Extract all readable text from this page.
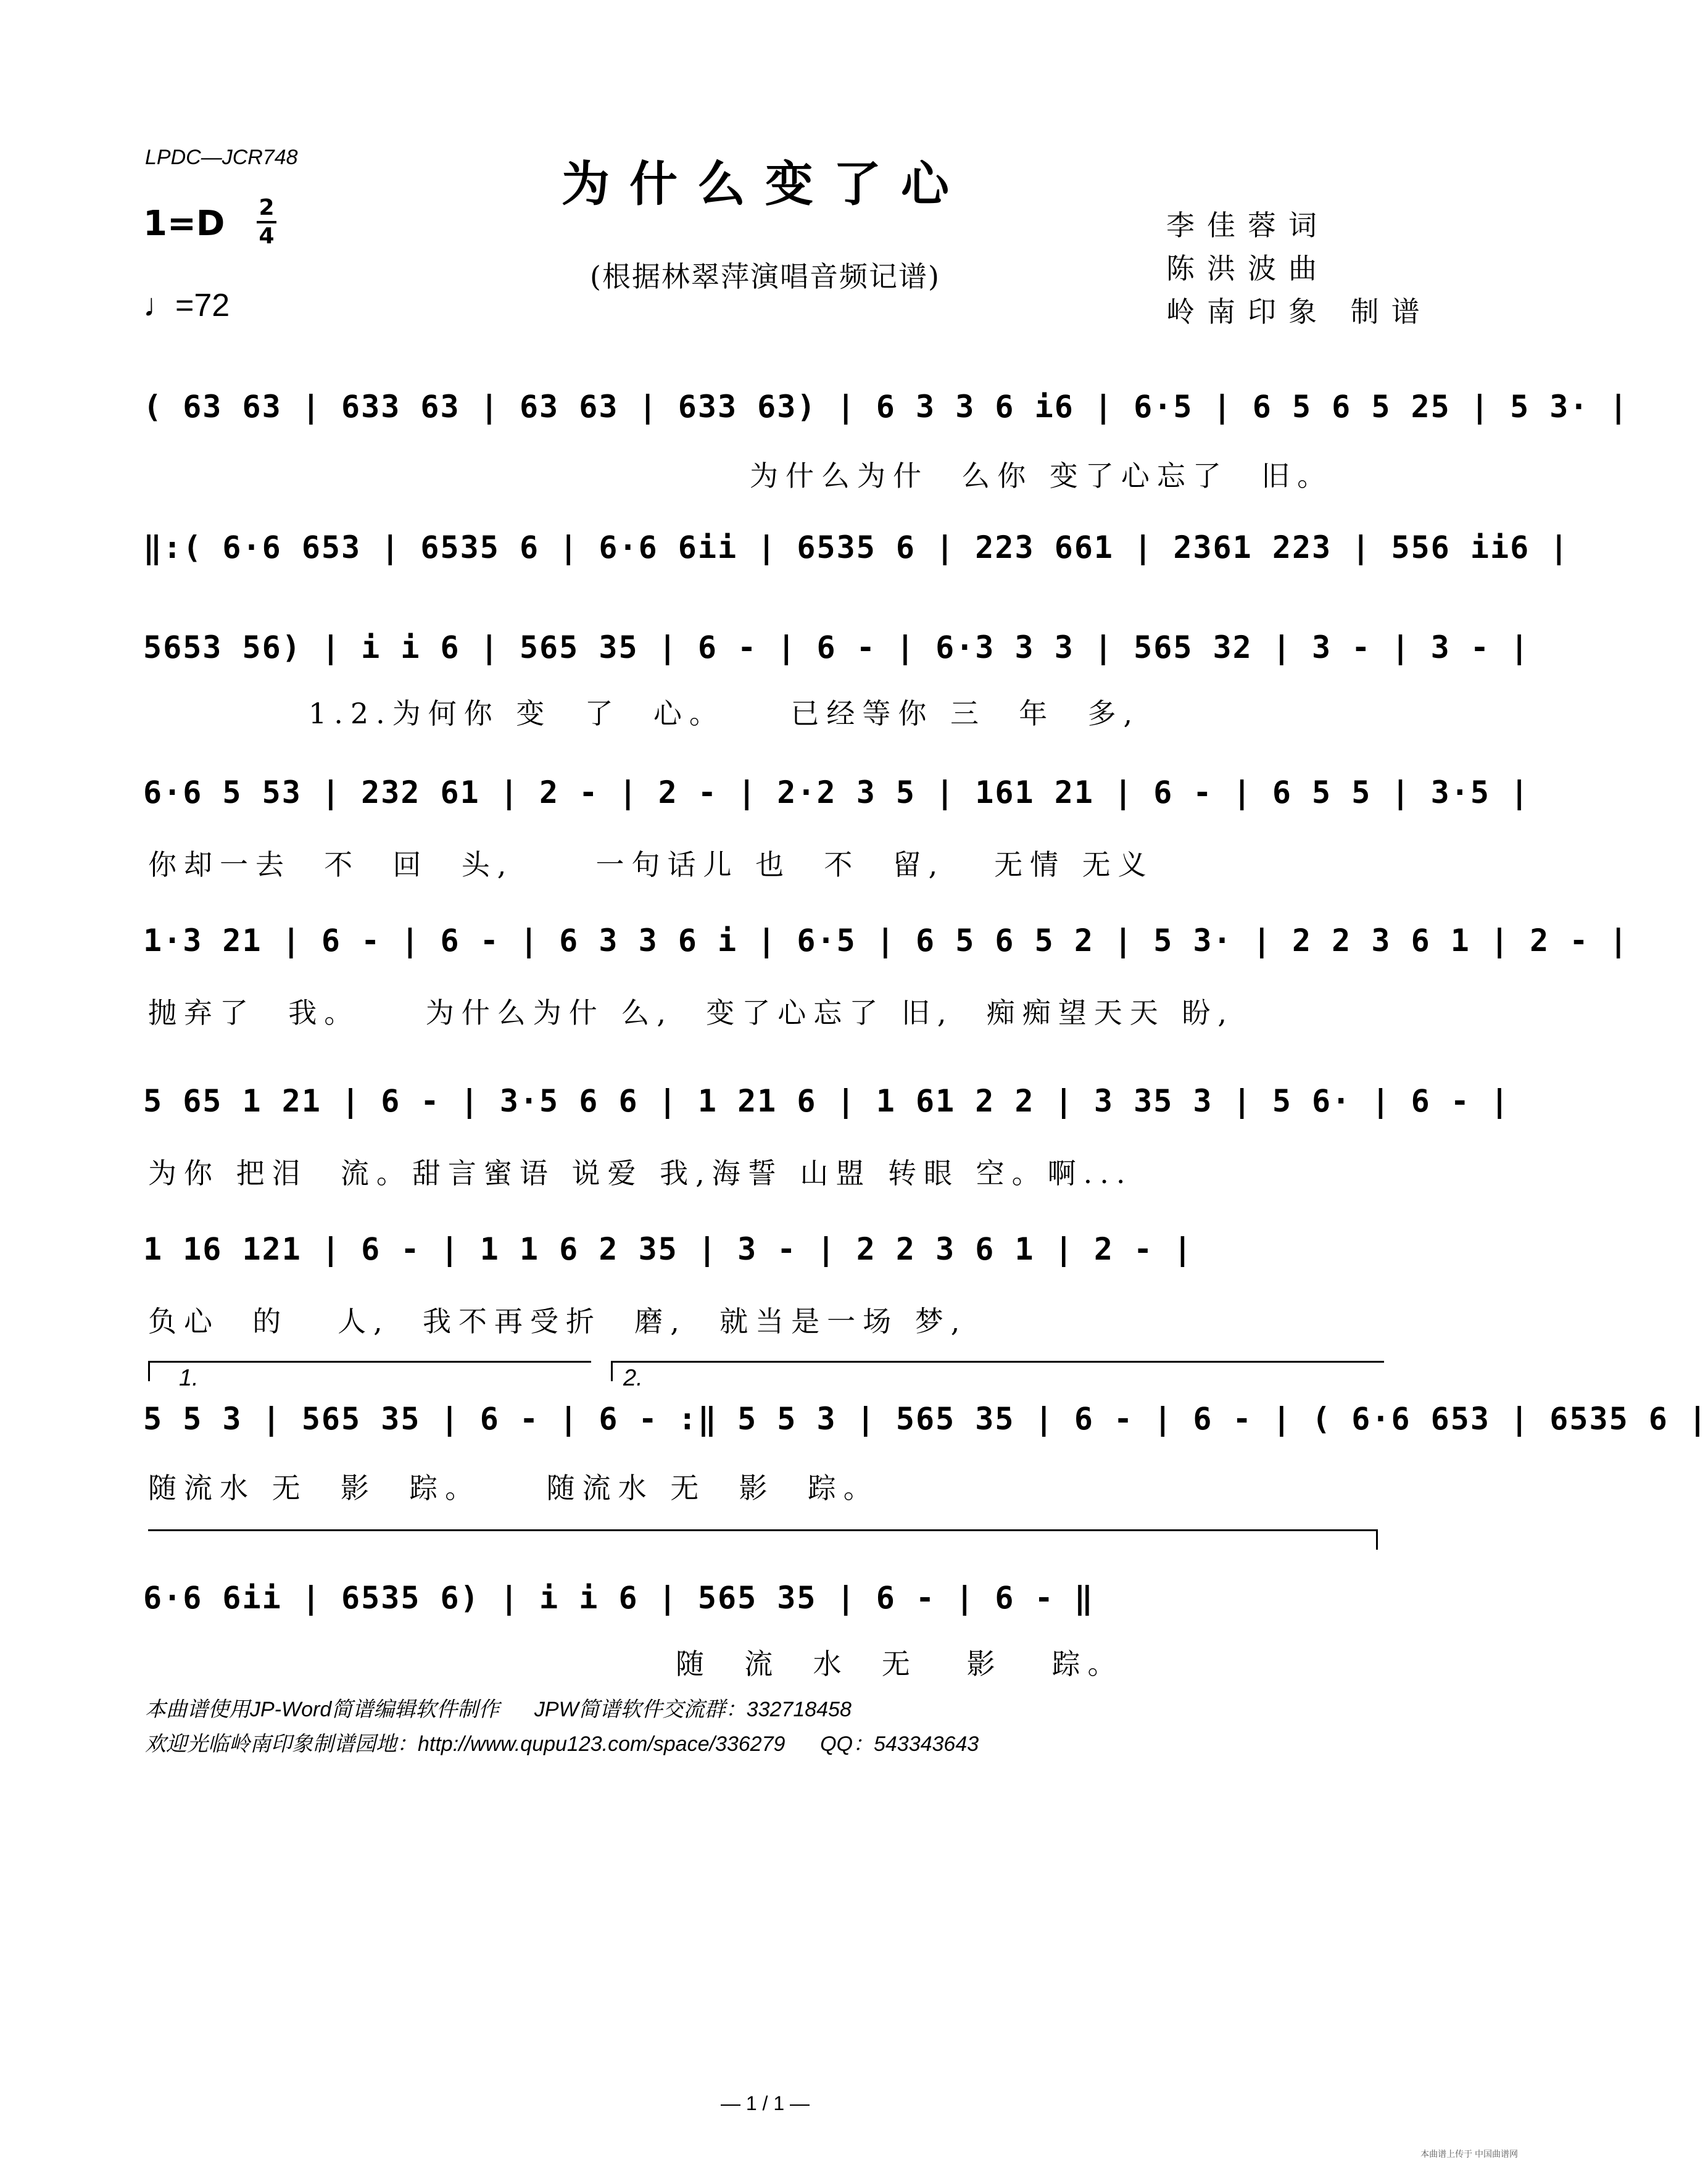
LPDC—JCR748	为什么变了心
1=D 2
4
♩=72
(根据林翠萍演唱音频记谱)
李佳蓉词
陈洪波曲
岭南印象 制谱
( 63 63 | 633 63 | 63 63 | 633 63) | 6 3 3 6 i6 | 6·5 | 6 5 6 5 25 | 5 3· |
为什么为什  么你 变了心忘了  旧。
‖:( 6·6 653 | 6535 6 | 6·6 6ii | 6535 6 | 223 661 | 2361 223 | 556 ii6 |
5653 56) | i i 6 | 565 35 | 6 - | 6 - | 6·3 3 3 | 565 32 | 3 - | 3 - |
1.2.为何你 变  了  心。    已经等你 三  年  多,
6·6 5 53 | 232 61 | 2 - | 2 - | 2·2 3 5 | 161 21 | 6 - | 6 5 5 | 3·5 |
你却一去  不  回  头,     一句话儿 也  不  留,   无情 无义
1·3 21 | 6 - | 6 - | 6 3 3 6 i | 6·5 | 6 5 6 5 2 | 5 3· | 2 2 3 6 1 | 2 - |
抛弃了  我。    为什么为什 么,  变了心忘了 旧,  痴痴望天天 盼,
5 65 1 21 | 6 - | 3·5 6 6 | 1 21 6 | 1 61 2 2 | 3 35 3 | 5 6· | 6 - |
为你 把泪  流。甜言蜜语 说爱 我,海誓 山盟 转眼 空。啊...
1 16 121 | 6 - | 1 1 6 2 35 | 3 - | 2 2 3 6 1 | 2 - |
负心  的   人,  我不再受折  磨,  就当是一场 梦,
1.	2.
5 5 3 | 565 35 | 6 - | 6 - :‖ 5 5 3 | 565 35 | 6 - | 6 - | ( 6·6 653 | 6535 6 |
随流水 无  影  踪。    随流水 无  影  踪。
6·6 6ii | 6535 6) | i i 6 | 565 35 | 6 - | 6 - ‖
随  流  水  无   影   踪。
本曲谱使用JP-Word简谱编辑软件制作      JPW简谱软件交流群：332718458
欢迎光临岭南印象制谱园地：http://www.qupu123.com/space/336279      QQ：543343643
— 1 / 1 —
本曲谱上传于 中国曲谱网
